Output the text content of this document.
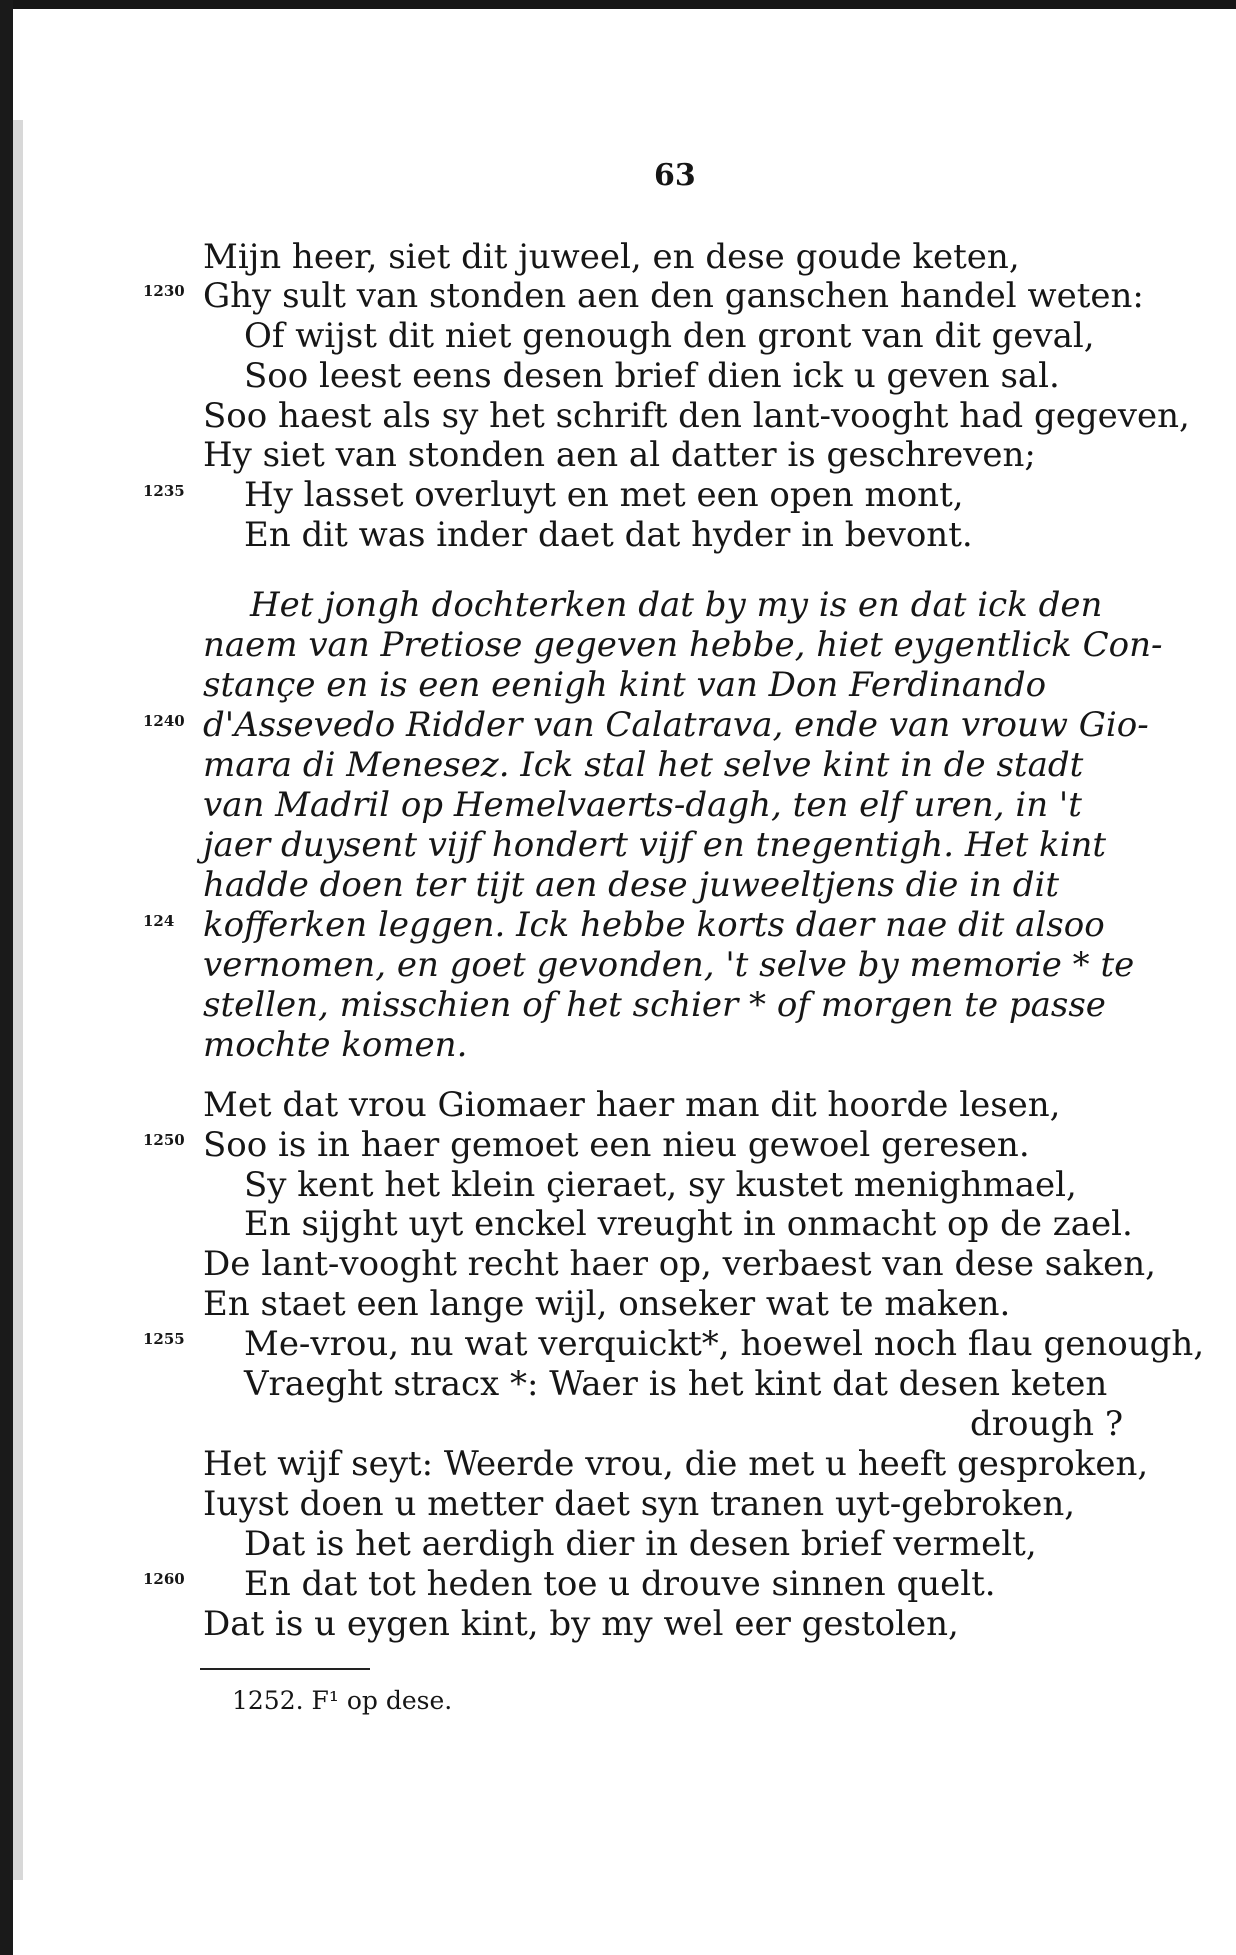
63
Mijn heer, siet dit juweel, en dese goude keten,
1230 Ghy sult van stonden aen den ganschen handel weten:
Of wijst dit niet genough den gront van dit geval,
Soo leest eens desen brief dien ick u geven sal.
Soo haest als sy het schrift den lant-vooght had gegeven,
Hy siet van stonden aen al datter is geschreven;
1235 Hy lasset overluyt en met een open mont,
En dit was inder daet dat hyder in bevont.
Het jongh dochterken dat by my is en dat ick den
naem van Pretiose gegeven hebbe, hiet eygentlick Con-
stançe en is een eenigh kint van Don Ferdinando
1240 d'Assevedo Ridder van Calatrava, ende van vrouw Gio-
mara di Menesez. Ick stal het selve kint in de stadt
van Madril op Hemelvaerts-dagh, ten elf uren, in 't
jaer duysent vijf hondert vijf en tnegentigh. Het kint
hadde doen ter tijt aen dese juweeltjens die in dit
124 kofferken leggen. Ick hebbe korts daer nae dit alsoo
vernomen, en goet gevonden, 't selve by memorie * te
stellen, misschien of het schier * of morgen te passe
mochte komen.
Met dat vrou Giomaer haer man dit hoorde lesen,
1250 Soo is in haer gemoet een nieu gewoel geresen.
Sy kent het klein çieraet, sy kustet menighmael,
En sijght uyt enckel vreught in onmacht op de zael.
De lant-vooght recht haer op, verbaest van dese saken,
En staet een lange wijl, onseker wat te maken.
1255 Me-vrou, nu wat verquickt*, hoewel noch flau genough,
Vraeght stracx *: Waer is het kint dat desen keten
drough ?
Het wijf seyt: Weerde vrou, die met u heeft gesproken,
Iuyst doen u metter daet syn tranen uyt-gebroken,
Dat is het aerdigh dier in desen brief vermelt,
1260 En dat tot heden toe u drouve sinnen quelt.
Dat is u eygen kint, by my wel eer gestolen,
1252. F¹ op dese.
